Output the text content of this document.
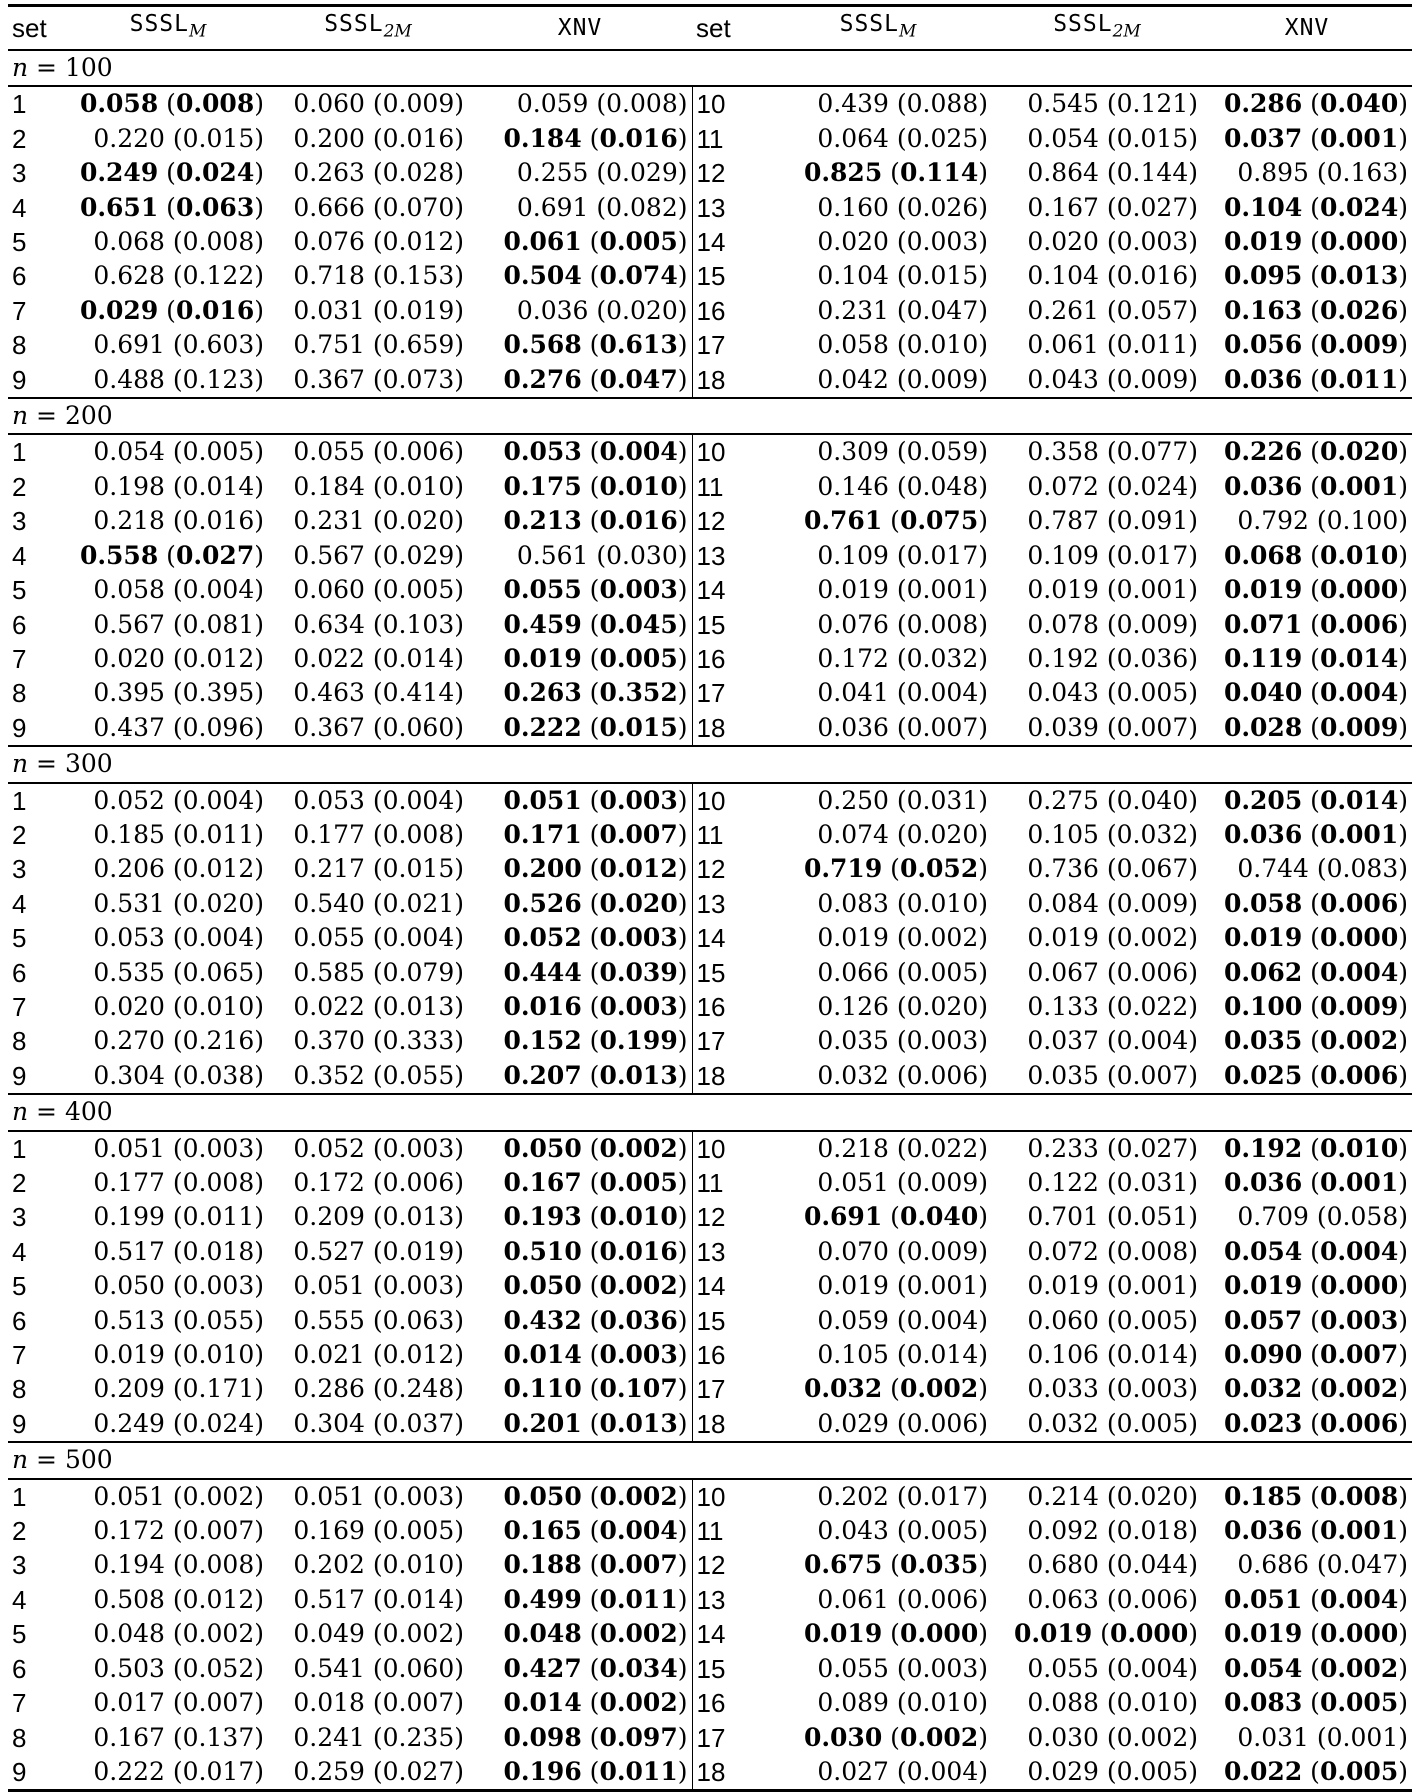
set	$SSSL_M$	$SSSL_{2M}$	XNV	set	$SSSL_M$	$SSSL_{2M}$	XNV
n = 100							
1	0.058 (0.008)	0.060 (0.009)	0.059 (0.008)	10	0.439 (0.088)	0.545 (0.121)	0.286 (0.040)
2	0.220 (0.015)	0.200 (0.016)	0.184 (0.016)	11	0.064 (0.025)	0.054 (0.015)	0.037 (0.001)
3	0.249 (0.024)	0.263 (0.028)	0.255 (0.029)	12	0.825 (0.114)	0.864 (0.144)	0.895 (0.163)
4	0.651 (0.063)	0.666 (0.070)	0.691 (0.082)	13	0.160 (0.026)	0.167 (0.027)	0.104 (0.024)
5	0.068 (0.008)	0.076 (0.012)	0.061 (0.005)	14	0.020 (0.003)	0.020 (0.003)	0.019 (0.000)
6	0.628 (0.122)	0.718 (0.153)	0.504 (0.074)	15	0.104 (0.015)	0.104 (0.016)	0.095 (0.013)
7	0.029 (0.016)	0.031 (0.019)	0.036 (0.020)	16	0.231 (0.047)	0.261 (0.057)	0.163 (0.026)
8	0.691 (0.603)	0.751 (0.659)	0.568 (0.613)	17	0.058 (0.010)	0.061 (0.011)	0.056 (0.009)
9	0.488 (0.123)	0.367 (0.073)	0.276 (0.047)	18	0.042 (0.009)	0.043 (0.009)	0.036 (0.011)
n = 200							
1	0.054 (0.005)	0.055 (0.006)	0.053 (0.004)	10	0.309 (0.059)	0.358 (0.077)	0.226 (0.020)
2	0.198 (0.014)	0.184 (0.010)	0.175 (0.010)	11	0.146 (0.048)	0.072 (0.024)	0.036 (0.001)
3	0.218 (0.016)	0.231 (0.020)	0.213 (0.016)	12	0.761 (0.075)	0.787 (0.091)	0.792 (0.100)
4	0.558 (0.027)	0.567 (0.029)	0.561 (0.030)	13	0.109 (0.017)	0.109 (0.017)	0.068 (0.010)
5	0.058 (0.004)	0.060 (0.005)	0.055 (0.003)	14	0.019 (0.001)	0.019 (0.001)	0.019 (0.000)
6	0.567 (0.081)	0.634 (0.103)	0.459 (0.045)	15	0.076 (0.008)	0.078 (0.009)	0.071 (0.006)
7	0.020 (0.012)	0.022 (0.014)	0.019 (0.005)	16	0.172 (0.032)	0.192 (0.036)	0.119 (0.014)
8	0.395 (0.395)	0.463 (0.414)	0.263 (0.352)	17	0.041 (0.004)	0.043 (0.005)	0.040 (0.004)
9	0.437 (0.096)	0.367 (0.060)	0.222 (0.015)	18	0.036 (0.007)	0.039 (0.007)	0.028 (0.009)
n = 300							
1	0.052 (0.004)	0.053 (0.004)	0.051 (0.003)	10	0.250 (0.031)	0.275 (0.040)	0.205 (0.014)
2	0.185 (0.011)	0.177 (0.008)	0.171 (0.007)	11	0.074 (0.020)	0.105 (0.032)	0.036 (0.001)
3	0.206 (0.012)	0.217 (0.015)	0.200 (0.012)	12	0.719 (0.052)	0.736 (0.067)	0.744 (0.083)
4	0.531 (0.020)	0.540 (0.021)	0.526 (0.020)	13	0.083 (0.010)	0.084 (0.009)	0.058 (0.006)
5	0.053 (0.004)	0.055 (0.004)	0.052 (0.003)	14	0.019 (0.002)	0.019 (0.002)	0.019 (0.000)
6	0.535 (0.065)	0.585 (0.079)	0.444 (0.039)	15	0.066 (0.005)	0.067 (0.006)	0.062 (0.004)
7	0.020 (0.010)	0.022 (0.013)	0.016 (0.003)	16	0.126 (0.020)	0.133 (0.022)	0.100 (0.009)
8	0.270 (0.216)	0.370 (0.333)	0.152 (0.199)	17	0.035 (0.003)	0.037 (0.004)	0.035 (0.002)
9	0.304 (0.038)	0.352 (0.055)	0.207 (0.013)	18	0.032 (0.006)	0.035 (0.007)	0.025 (0.006)
n = 400							
1	0.051 (0.003)	0.052 (0.003)	0.050 (0.002)	10	0.218 (0.022)	0.233 (0.027)	0.192 (0.010)
2	0.177 (0.008)	0.172 (0.006)	0.167 (0.005)	11	0.051 (0.009)	0.122 (0.031)	0.036 (0.001)
3	0.199 (0.011)	0.209 (0.013)	0.193 (0.010)	12	0.691 (0.040)	0.701 (0.051)	0.709 (0.058)
4	0.517 (0.018)	0.527 (0.019)	0.510 (0.016)	13	0.070 (0.009)	0.072 (0.008)	0.054 (0.004)
5	0.050 (0.003)	0.051 (0.003)	0.050 (0.002)	14	0.019 (0.001)	0.019 (0.001)	0.019 (0.000)
6	0.513 (0.055)	0.555 (0.063)	0.432 (0.036)	15	0.059 (0.004)	0.060 (0.005)	0.057 (0.003)
7	0.019 (0.010)	0.021 (0.012)	0.014 (0.003)	16	0.105 (0.014)	0.106 (0.014)	0.090 (0.007)
8	0.209 (0.171)	0.286 (0.248)	0.110 (0.107)	17	0.032 (0.002)	0.033 (0.003)	0.032 (0.002)
9	0.249 (0.024)	0.304 (0.037)	0.201 (0.013)	18	0.029 (0.006)	0.032 (0.005)	0.023 (0.006)
n = 500							
1	0.051 (0.002)	0.051 (0.003)	0.050 (0.002)	10	0.202 (0.017)	0.214 (0.020)	0.185 (0.008)
2	0.172 (0.007)	0.169 (0.005)	0.165 (0.004)	11	0.043 (0.005)	0.092 (0.018)	0.036 (0.001)
3	0.194 (0.008)	0.202 (0.010)	0.188 (0.007)	12	0.675 (0.035)	0.680 (0.044)	0.686 (0.047)
4	0.508 (0.012)	0.517 (0.014)	0.499 (0.011)	13	0.061 (0.006)	0.063 (0.006)	0.051 (0.004)
5	0.048 (0.002)	0.049 (0.002)	0.048 (0.002)	14	0.019 (0.000)	0.019 (0.000)	0.019 (0.000)
6	0.503 (0.052)	0.541 (0.060)	0.427 (0.034)	15	0.055 (0.003)	0.055 (0.004)	0.054 (0.002)
7	0.017 (0.007)	0.018 (0.007)	0.014 (0.002)	16	0.089 (0.010)	0.088 (0.010)	0.083 (0.005)
8	0.167 (0.137)	0.241 (0.235)	0.098 (0.097)	17	0.030 (0.002)	0.030 (0.002)	0.031 (0.001)
9	0.222 (0.017)	0.259 (0.027)	0.196 (0.011)	18	0.027 (0.004)	0.029 (0.005)	0.022 (0.005)
